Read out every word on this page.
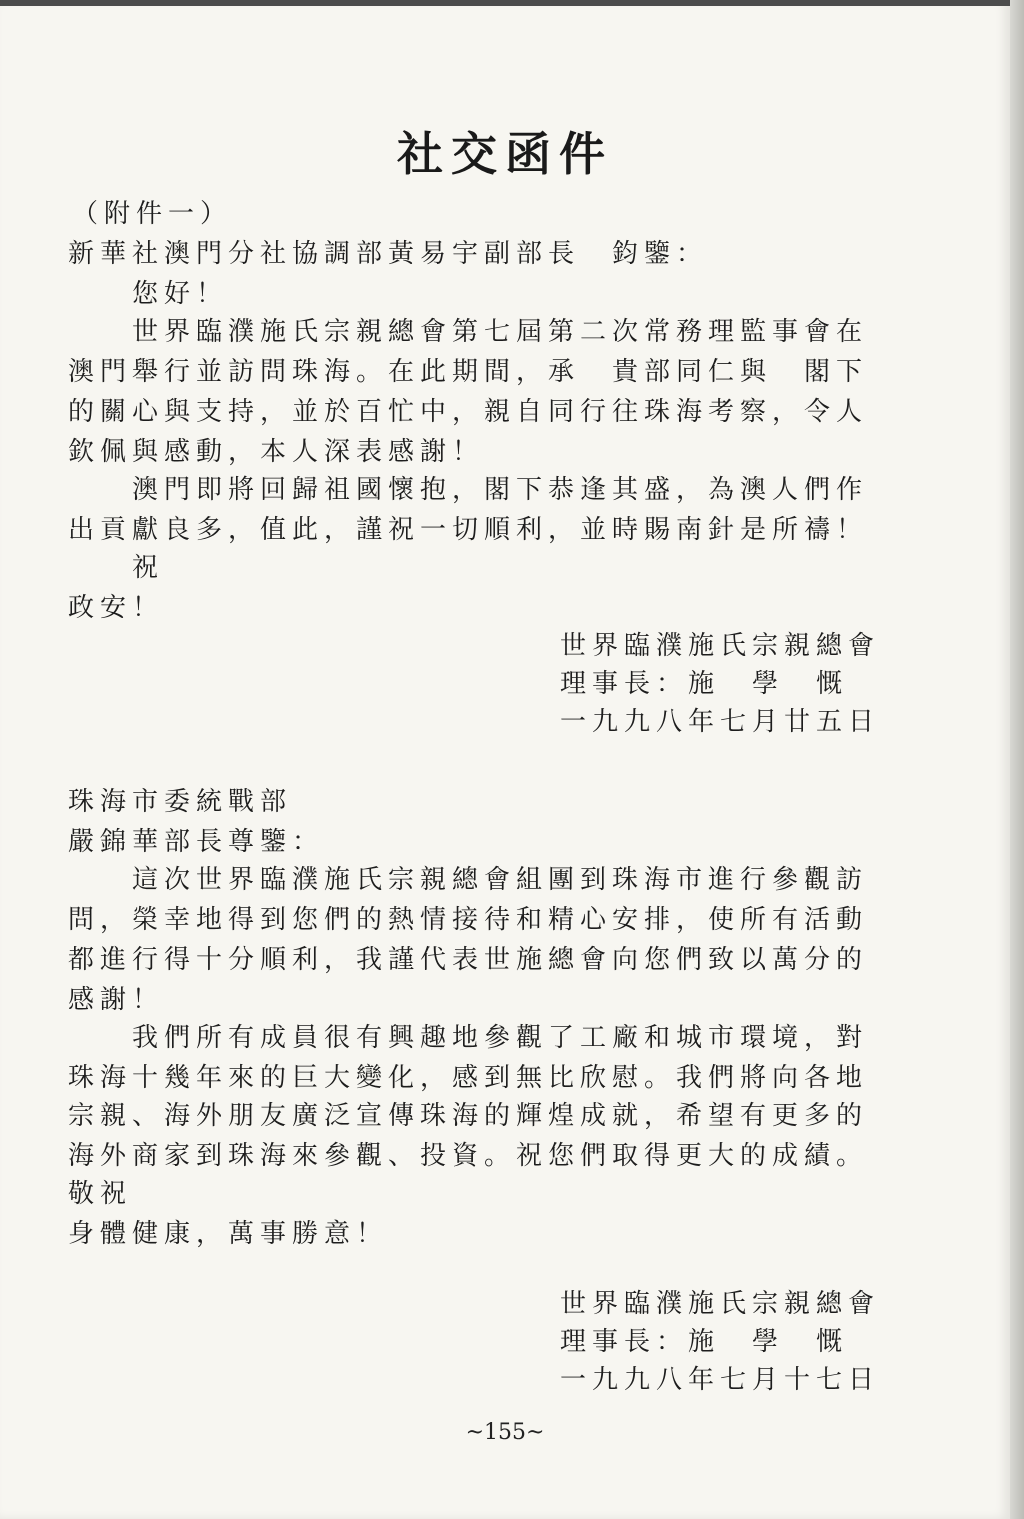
社交函件
（附件一）
新華社澳門分社協調部黃易宇副部長　鈞鑒：
您好！
世界臨濮施氏宗親總會第七屆第二次常務理監事會在
澳門舉行並訪問珠海。在此期間，承　貴部同仁與　閣下
的關心與支持，並於百忙中，親自同行往珠海考察，令人
欽佩與感動，本人深表感謝！
澳門即將回歸祖國懷抱，閣下恭逢其盛，為澳人們作
出貢獻良多，值此，謹祝一切順利，並時賜南針是所禱！
祝
政安！
世界臨濮施氏宗親總會
理事長：施　學　慨
一九九八年七月廿五日
珠海市委統戰部
嚴錦華部長尊鑒：
這次世界臨濮施氏宗親總會組團到珠海市進行參觀訪
問，榮幸地得到您們的熱情接待和精心安排，使所有活動
都進行得十分順利，我謹代表世施總會向您們致以萬分的
感謝！
我們所有成員很有興趣地參觀了工廠和城市環境，對
珠海十幾年來的巨大變化，感到無比欣慰。我們將向各地
宗親、海外朋友廣泛宣傳珠海的輝煌成就，希望有更多的
海外商家到珠海來參觀、投資。祝您們取得更大的成績。
敬祝
身體健康，萬事勝意！
世界臨濮施氏宗親總會
理事長：施　學　慨
一九九八年七月十七日
~155~
